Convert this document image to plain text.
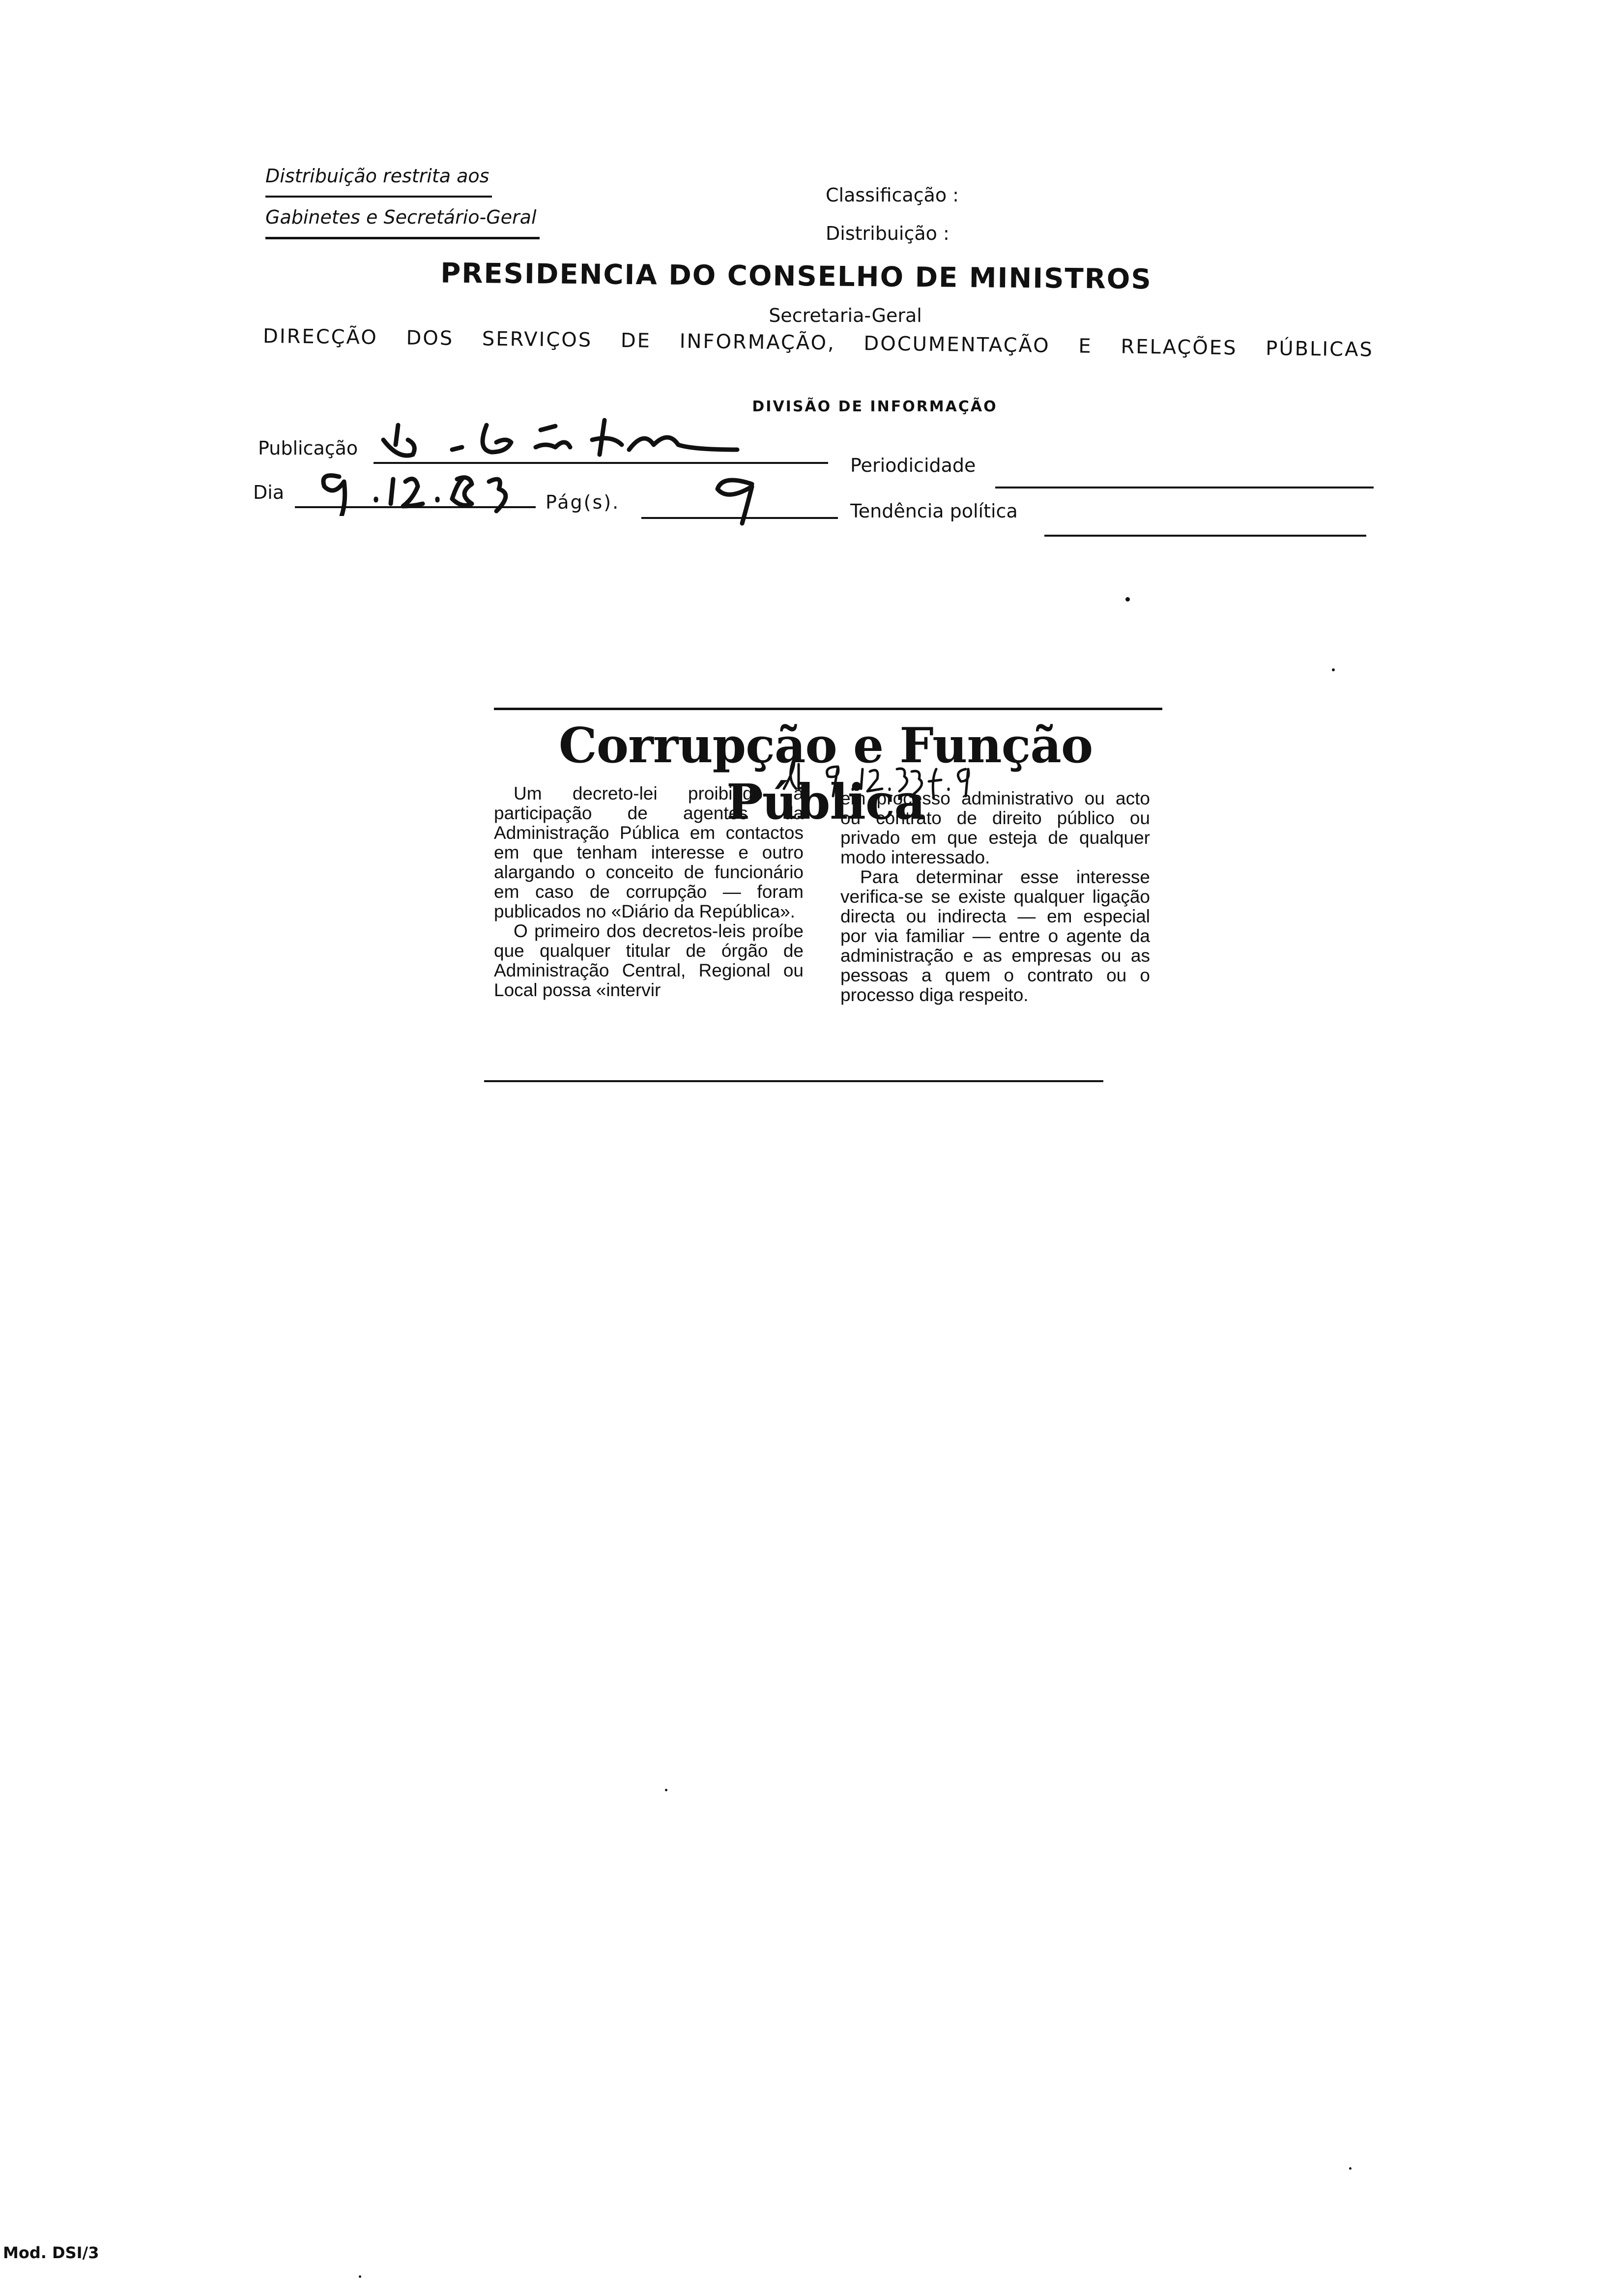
Distribuição restrita aos
Gabinetes e Secretário-Geral
Classificação :
Distribuição :
PRESIDENCIA DO CONSELHO DE MINISTROS
Secretaria-Geral
DIRECÇÃO DOS SERVIÇOS DE INFORMAÇÃO, DOCUMENTAÇÃO E RELAÇÕES PÚBLICAS
DIVISÃO DE INFORMAÇÃO
Publicação
Periodicidade
Dia	Pág(s).	Tendência política
Corrupção e Função Pública

Um decreto-lei proibindo a participação de agentes da Administração Pública em contactos em que tenham interesse e outro alargando o conceito de funcionário em caso de corrupção — foram publicados no «Diário da República».

O primeiro dos decretos-leis proíbe que qualquer titular de órgão de Administração Central, Regional ou Local possa «intervir

em processo administrativo ou acto ou contrato de direito público ou privado em que esteja de qualquer modo interessado.

Para determinar esse interesse verifica-se se existe qualquer ligação directa ou indirecta — em especial por via familiar — entre o agente da administração e as empresas ou as pessoas a quem o contrato ou o processo diga respeito.

Mod. DSI/3
